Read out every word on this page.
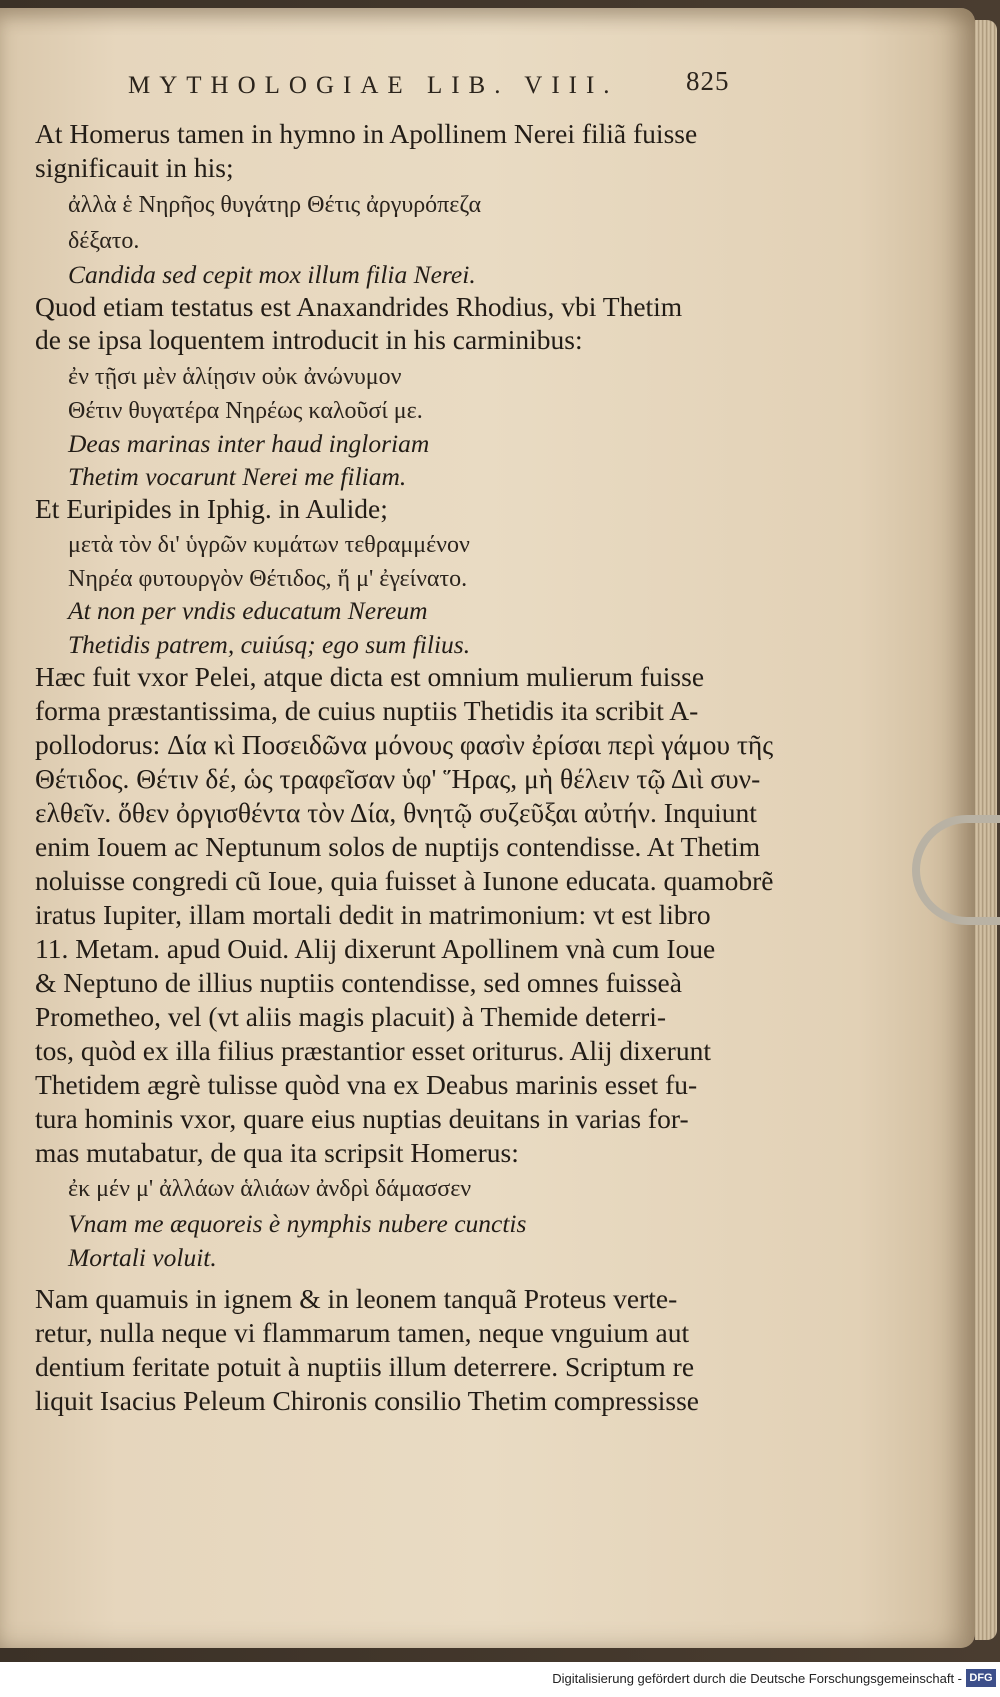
MYTHOLOGIAE LIB. VIII. 825
At Homerus tamen in hymno in Apollinem Nerei filiã fuisse
significauit in his;
ἀλλὰ ἑ Νηρῆος θυγάτηρ Θέτις ἀργυρόπεζα
δέξατο.
Candida sed cepit mox illum filia Nerei.
Quod etiam testatus est Anaxandrides Rhodius, vbi Thetim
de se ipsa loquentem introducit in his carminibus:
ἐν τῇσι μὲν ἁλίῃσιν οὐκ ἀνώνυμον
Θέτιν θυγατέρα Νηρέως καλοῦσί με.
Deas marinas inter haud ingloriam
Thetim vocarunt Nerei me filiam.
Et Euripides in Iphig. in Aulide;
μετὰ τὸν δι' ὑγρῶν κυμάτων τεθραμμένον
Νηρέα φυτουργὸν Θέτιδος, ἥ μ' ἐγείνατο.
At non per vndis educatum Nereum
Thetidis patrem, cuiúsq; ego sum filius.
Hæc fuit vxor Pelei, atque dicta est omnium mulierum fuisse
forma præstantissima, de cuius nuptiis Thetidis ita scribit A-
pollodorus: Δία κὶ Ποσειδῶνα μόνους φασὶν ἐρίσαι περὶ γάμου τῆς
Θέτιδος. Θέτιν δέ, ὡς τραφεῖσαν ὑφ' Ἥρας, μὴ θέλειν τῷ Διὶ συν-
ελθεῖν. ὅθεν ὀργισθέντα τὸν Δία, θνητῷ συζεῦξαι αὐτήν. Inquiunt
enim Iouem ac Neptunum solos de nuptijs contendisse. At Thetim
noluisse congredi cũ Ioue, quia fuisset à Iunone educata. quamobrẽ
iratus Iupiter, illam mortali dedit in matrimonium: vt est libro
11. Metam. apud Ouid. Alij dixerunt Apollinem vnà cum Ioue
& Neptuno de illius nuptiis contendisse, sed omnes fuisseà
Prometheo, vel (vt aliis magis placuit) à Themide deterri-
tos, quòd ex illa filius præstantior esset oriturus. Alij dixerunt
Thetidem ægrè tulisse quòd vna ex Deabus marinis esset fu-
tura hominis vxor, quare eius nuptias deuitans in varias for-
mas mutabatur, de qua ita scripsit Homerus:
ἐκ μέν μ' ἀλλάων ἁλιάων ἀνδρὶ δάμασσεν
Vnam me æquoreis è nymphis nubere cunctis
Mortali voluit.
Nam quamuis in ignem & in leonem tanquã Proteus verte-
retur, nulla neque vi flammarum tamen, neque vnguium aut
dentium feritate potuit à nuptiis illum deterrere. Scriptum re
liquit Isacius Peleum Chironis consilio Thetim compressisse
Digitalisierung gefördert durch die Deutsche Forschungsgemeinschaft - DFG
